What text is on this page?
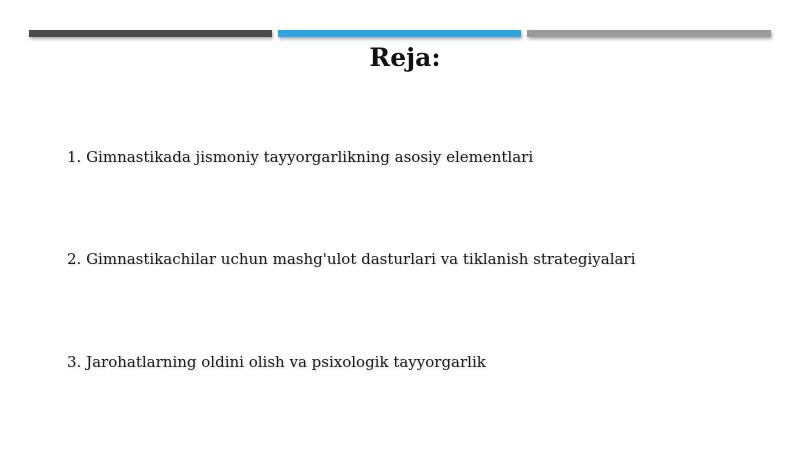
Reja:
1. Gimnastikada jismoniy tayyorgarlikning asosiy elementlari
2. Gimnastikachilar uchun mashg'ulot dasturlari va tiklanish strategiyalari
3. Jarohatlarning oldini olish va psixologik tayyorgarlik
